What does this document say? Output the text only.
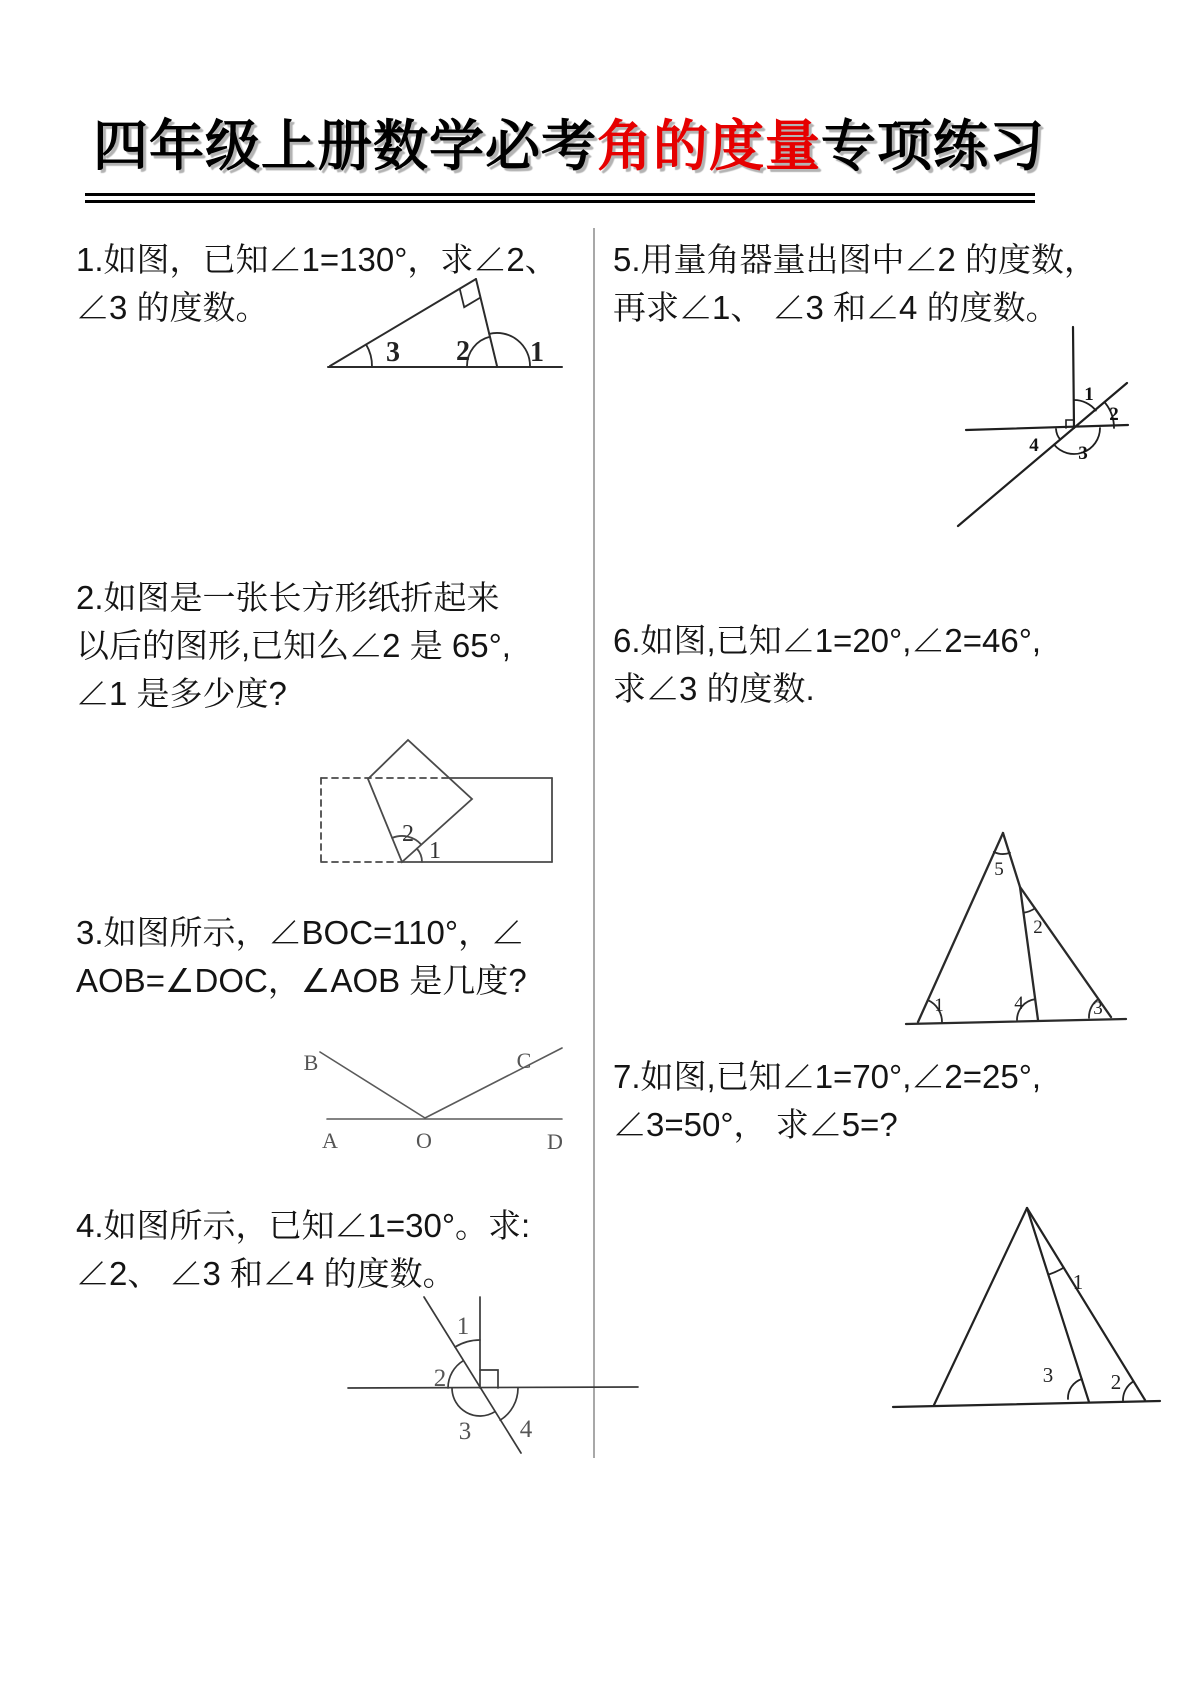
四年级上册数学必考角的度量专项练习
1.如图，已知∠1=130°，求∠2、
∠3 的度数。
5.用量角器量出图中∠2 的度数，
再求∠1、 ∠3 和∠4 的度数。
2.如图是一张长方形纸折起来
以后的图形,已知么∠2 是 65°,
∠1 是多少度?
6.如图,已知∠1=20°,∠2=46°,
求∠3 的度数.
3.如图所示，∠BOC=110°，∠
AOB=∠DOC，∠AOB 是几度?
7.如图,已知∠1=70°,∠2=25°,
∠3=50°， 求∠5=?
4.如图所示，已知∠1=30°。求:
∠2、 ∠3 和∠4 的度数。
3 2 1
2
1
B	C
A	O	D
1
2
3 4
1
2
3
4
5
2
1	4	3
1
3	2
